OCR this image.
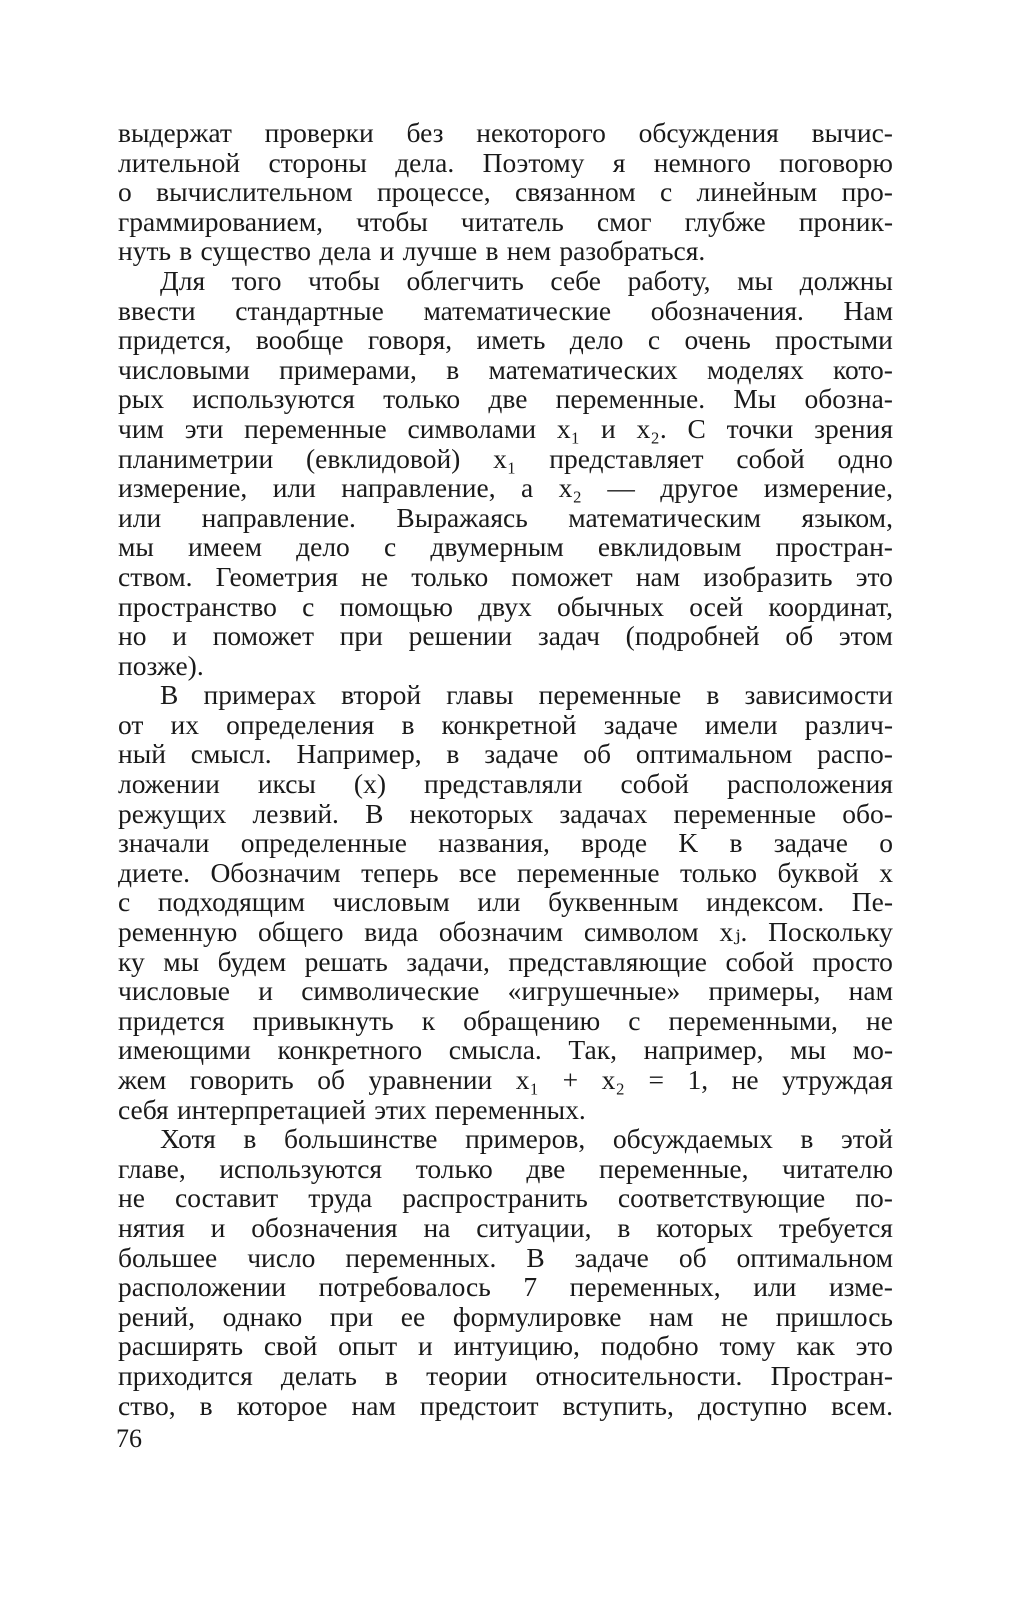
выдержат проверки без некоторого обсуждения вычис-
лительной стороны дела. Поэтому я немного поговорю
о вычислительном процессе, связанном с линейным про-
граммированием, чтобы читатель смог глубже проник-
нуть в существо дела и лучше в нем разобраться.
Для того чтобы облегчить себе работу, мы должны
ввести стандартные математические обозначения. Нам
придется, вообще говоря, иметь дело с очень простыми
числовыми примерами, в математических моделях кото-
рых используются только две переменные. Мы обозна-
чим эти переменные символами x₁ и x₂. С точки зрения
планиметрии (евклидовой) x₁ представляет собой одно
измерение, или направление, а x₂ — другое измерение,
или направление. Выражаясь математическим языком,
мы имеем дело с двумерным евклидовым простран-
ством. Геометрия не только поможет нам изобразить это
пространство с помощью двух обычных осей координат,
но и поможет при решении задач (подробней об этом
позже).
В примерах второй главы переменные в зависимости
от их определения в конкретной задаче имели различ-
ный смысл. Например, в задаче об оптимальном распо-
ложении иксы (x) представляли собой расположения
режущих лезвий. В некоторых задачах переменные обо-
значали определенные названия, вроде K в задаче о
диете. Обозначим теперь все переменные только буквой x
с подходящим числовым или буквенным индексом. Пе-
ременную общего вида обозначим символом xⱼ. Поскольку
ку мы будем решать задачи, представляющие собой просто
числовые и символические «игрушечные» примеры, нам
придется привыкнуть к обращению с переменными, не
имеющими конкретного смысла. Так, например, мы мо-
жем говорить об уравнении x₁ + x₂ = 1, не утруждая
себя интерпретацией этих переменных.
Хотя в большинстве примеров, обсуждаемых в этой
главе, используются только две переменные, читателю
не составит труда распространить соответствующие по-
нятия и обозначения на ситуации, в которых требуется
большее число переменных. В задаче об оптимальном
расположении потребовалось 7 переменных, или изме-
рений, однако при ее формулировке нам не пришлось
расширять свой опыт и интуицию, подобно тому как это
приходится делать в теории относительности. Простран-
ство, в которое нам предстоит вступить, доступно всем.
76
